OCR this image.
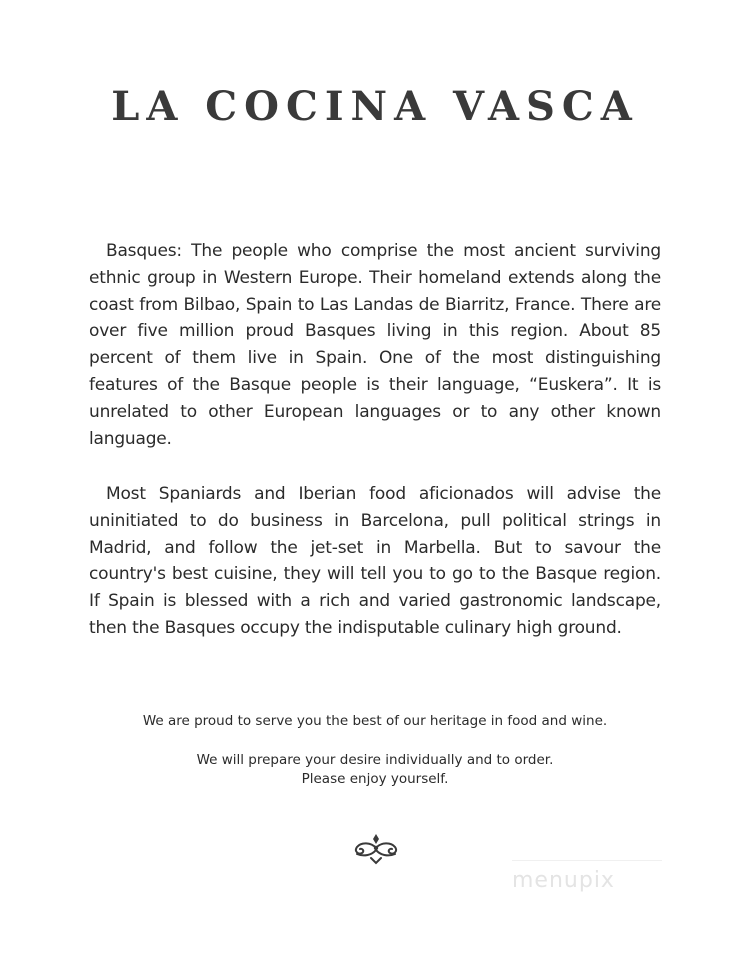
LA COCINA VASCA

Basques: The people who comprise the most ancient surviving ethnic group in Western Europe. Their homeland extends along the coast from Bilbao, Spain to Las Landas de Biarritz, France. There are over five million proud Basques living in this region. About 85 percent of them live in Spain. One of the most distinguishing features of the Basque people is their language, “Euskera”. It is unrelated to other European languages or to any other known language.

Most Spaniards and Iberian food aficionados will advise the uninitiated to do business in Barcelona, pull political strings in Madrid, and follow the jet-set in Marbella. But to savour the country's best cuisine, they will tell you to go to the Basque region. If Spain is blessed with a rich and varied gastronomic landscape, then the Basques occupy the indisputable culinary high ground.

We are proud to serve you the best of our heritage in food and wine.

We will prepare your desire individually and to order.
Please enjoy yourself.
menupix
